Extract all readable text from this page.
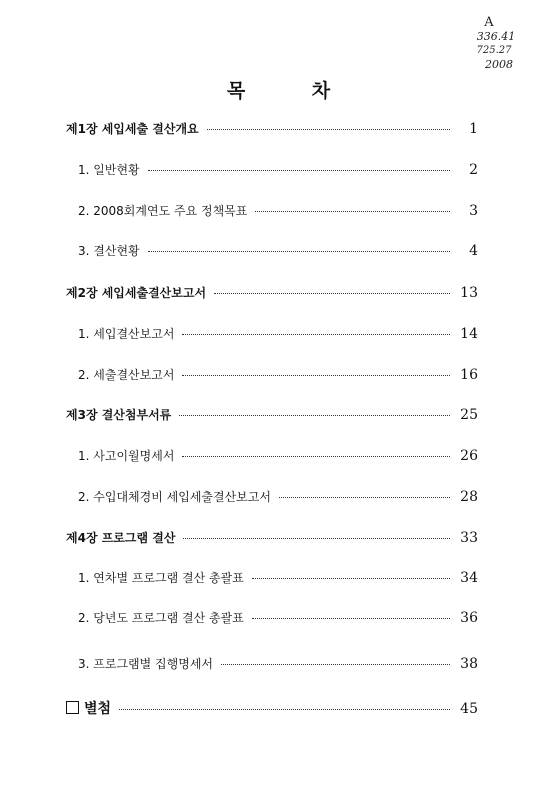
A
336.41
725.27
2008
목 차
제1장 세입세출 결산개요	1
1. 일반현황	2
2. 2008회계연도 주요 정책목표	3
3. 결산현황	4
제2장 세입세출결산보고서	13
1. 세입결산보고서	14
2. 세출결산보고서	16
제3장 결산첨부서류	25
1. 사고이월명세서	26
2. 수입대체경비 세입세출결산보고서	28
제4장 프로그램 결산	33
1. 연차별 프로그램 결산 총괄표	34
2. 당년도 프로그램 결산 총괄표	36
3. 프로그램별 집행명세서	38
별첨	45
